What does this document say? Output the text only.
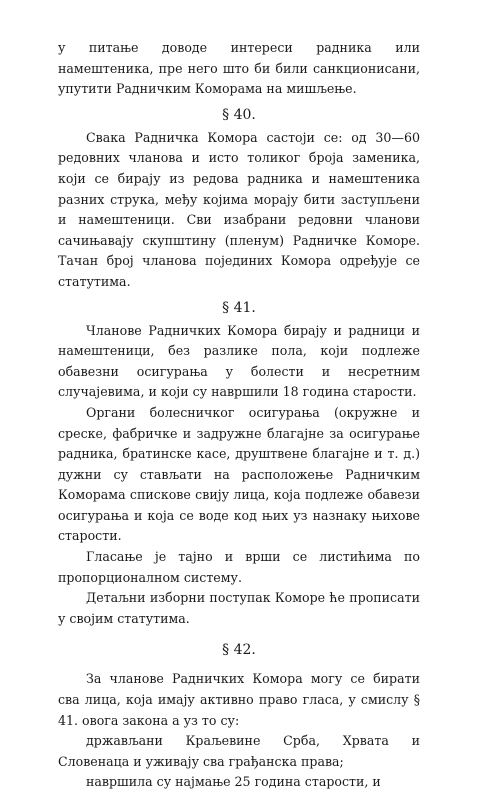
у питање доводе интереси радника или намештеника, пре него што би били санкционисани, упутити Радничким Коморама на мишљење.

§ 40.

Свака Радничка Комора састоји се: од 30—60 редовних чланова и исто толиког броја заменика, који се бирају из редова радника и намештеника разних струка, међу којима морају бити заступљени и намештеници. Сви изабрани редовни чланови сачињавају скупштину (пленум) Радничке Коморе. Тачан број чланова појединих Комора одређује се статутима.

§ 41.

Чланове Радничких Комора бирају и радници и намештеници, без разлике пола, који подлеже обавезни осигурања у болести и несретним случајевима, и који су навршили 18 година старости.

Органи болесничког осигурања (окружне и среске, фабричке и задружне благајне за осигурање радника, братинске касе, друштвене благајне и т. д.) дужни су стављати на расположење Радничким Коморама спискове свију лица, која подлеже обавези осигурања и која се воде код њих уз назнаку њихове старости.

Гласање је тајно и врши се листићима по пропорционалном систему.

Детаљни изборни поступак Коморе ће прописати у својим статутима.

§ 42.

За чланове Радничких Комора могу се бирати сва лица, која имају активно право гласа, у смислу § 41. овога закона а уз то су:

држављани Краљевине Срба, Хрвата и Словенаца и уживају сва грађанска права;

навршила су најмање 25 година старости, и
